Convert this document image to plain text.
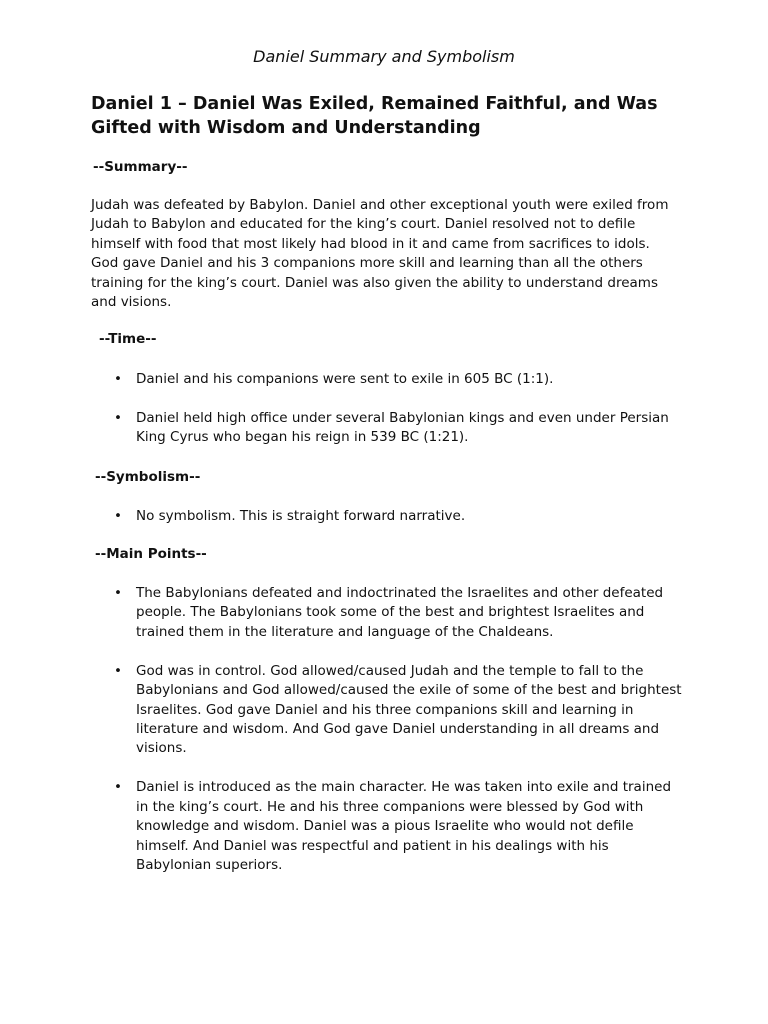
Daniel Summary and Symbolism
Daniel 1 – Daniel Was Exiled, Remained Faithful, and Was Gifted with Wisdom and Understanding
--Summary--
Judah was defeated by Babylon. Daniel and other exceptional youth were exiled from Judah to Babylon and educated for the king’s court. Daniel resolved not to defile himself with food that most likely had blood in it and came from sacrifices to idols. God gave Daniel and his 3 companions more skill and learning than all the others training for the king’s court. Daniel was also given the ability to understand dreams and visions.
--Time--
• Daniel and his companions were sent to exile in 605 BC (1:1).
• Daniel held high office under several Babylonian kings and even under Persian King Cyrus who began his reign in 539 BC (1:21).
--Symbolism--
• No symbolism. This is straight forward narrative.
--Main Points--
• The Babylonians defeated and indoctrinated the Israelites and other defeated people. The Babylonians took some of the best and brightest Israelites and trained them in the literature and language of the Chaldeans.
• God was in control. God allowed/caused Judah and the temple to fall to the Babylonians and God allowed/caused the exile of some of the best and brightest Israelites. God gave Daniel and his three companions skill and learning in literature and wisdom. And God gave Daniel understanding in all dreams and visions.
• Daniel is introduced as the main character. He was taken into exile and trained in the king’s court. He and his three companions were blessed by God with knowledge and wisdom. Daniel was a pious Israelite who would not defile himself. And Daniel was respectful and patient in his dealings with his Babylonian superiors.
